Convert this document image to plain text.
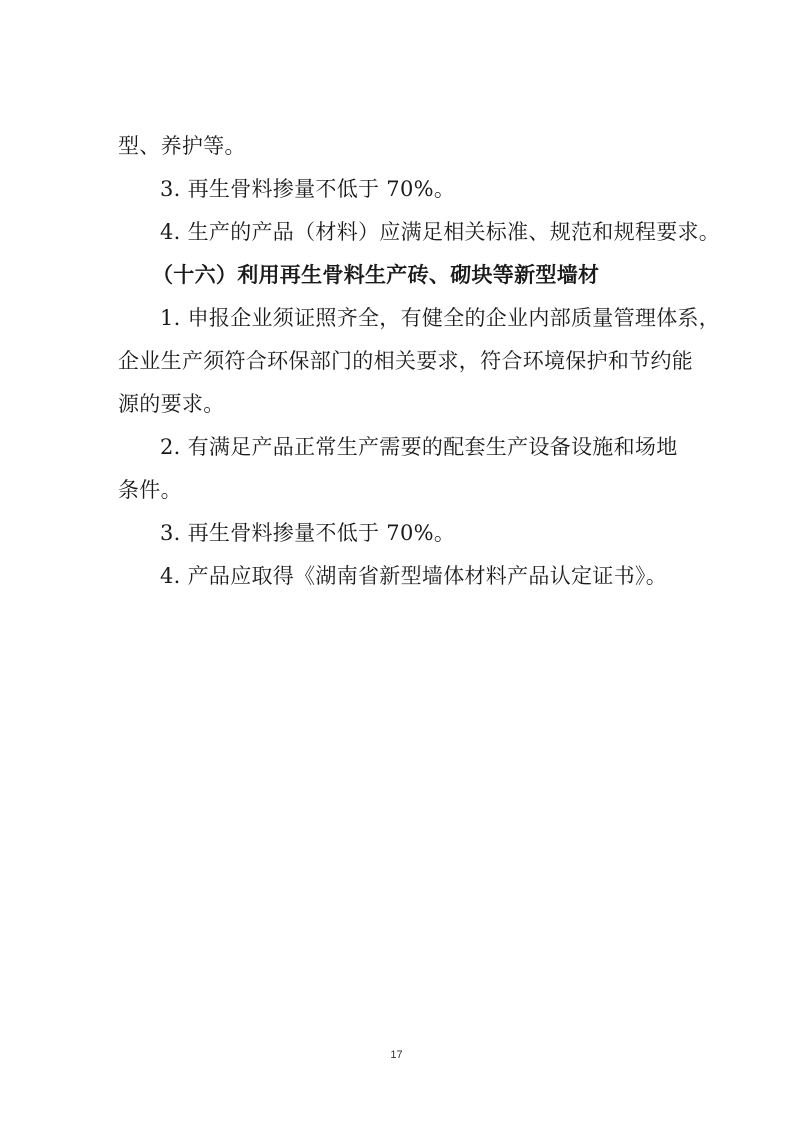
型、养护等。
3. 再生骨料掺量不低于 70%。
4. 生产的产品（材料）应满足相关标准、规范和规程要求。
（十六）利用再生骨料生产砖、砌块等新型墙材
1. 申报企业须证照齐全，有健全的企业内部质量管理体系，
企业生产须符合环保部门的相关要求，符合环境保护和节约能
源的要求。
2. 有满足产品正常生产需要的配套生产设备设施和场地
条件。
3. 再生骨料掺量不低于 70%。
4. 产品应取得《湖南省新型墙体材料产品认定证书》。
17
